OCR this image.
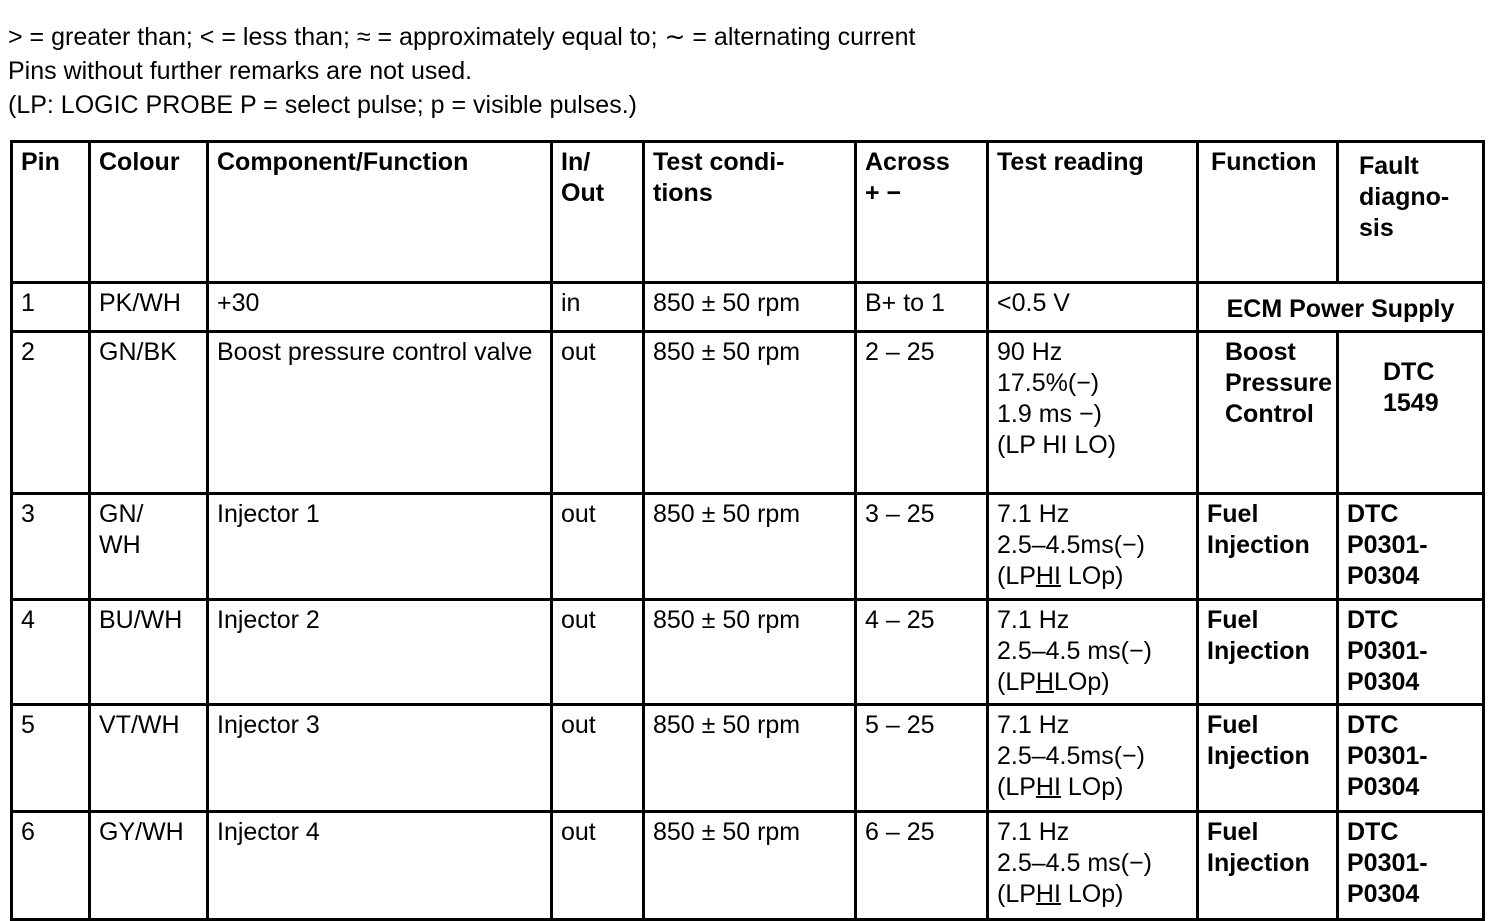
> = greater than; < = less than; ≈ = approximately equal to; ∼ = alternating current
Pins without further remarks are not used.
(LP: LOGIC PROBE P = select pulse; p = visible pulses.)
Pin	Colour	Component/Function	In/
Out	Test condi-
tions	Across
+ −	Test reading	Function	Fault
diagno-
sis

1	PK/WH	+30	in	850 ± 50 rpm	B+ to 1	<0.5 V	ECM Power Supply	
2	GN/BK	Boost pressure control valve	out	850 ± 50 rpm	2 – 25	90 Hz
17.5%(−)
1.9 ms −)
(LP HI LO)	Boost
Pressure
Control	DTC
1549

3	GN/
WH	Injector 1	out	850 ± 50 rpm	3 – 25	7.1 Hz
2.5–4.5ms(−)
(LPHI LOp)	Fuel
Injection	DTC
P0301-
P0304

4	BU/WH	Injector 2	out	850 ± 50 rpm	4 – 25	7.1 Hz
2.5–4.5 ms(−)
(LPHLOp)	Fuel
Injection	DTC
P0301-
P0304

5	VT/WH	Injector 3	out	850 ± 50 rpm	5 – 25	7.1 Hz
2.5–4.5ms(−)
(LPHI LOp)	Fuel
Injection	DTC
P0301-
P0304

6	GY/WH	Injector 4	out	850 ± 50 rpm	6 – 25	7.1 Hz
2.5–4.5 ms(−)
(LPHI LOp)	Fuel
Injection	DTC
P0301-
P0304
